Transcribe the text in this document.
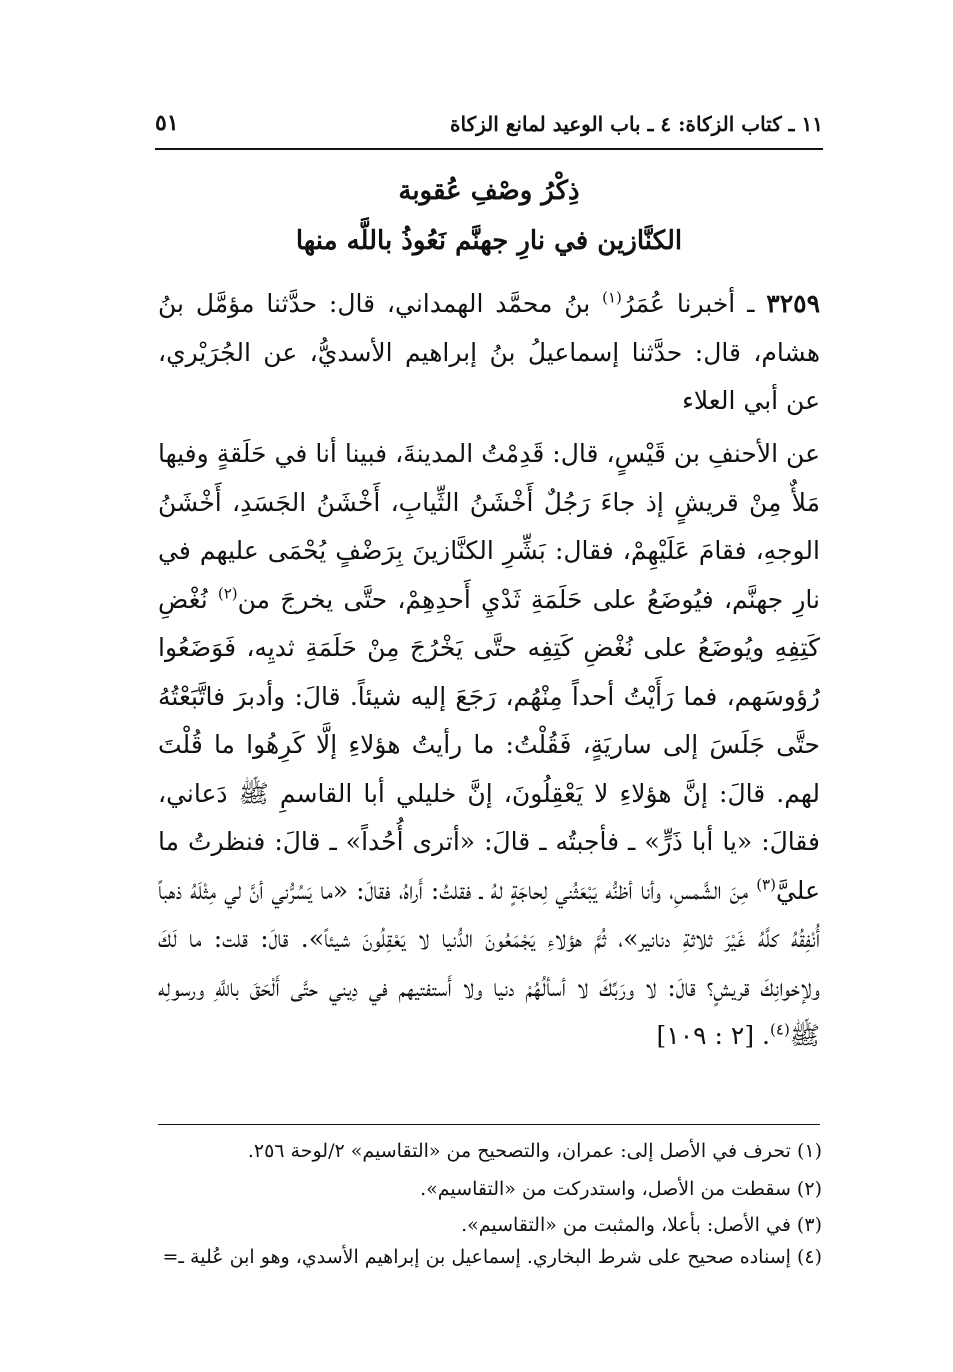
١١ ـ كتاب الزكاة: ٤ ـ باب الوعيد لمانع الزكاة
٥١
ذِكْرُ وصْفِ عُقوبة
الكنَّازين في نارِ جهنَّم نَعُوذُ باللَّه منها

٣٢٥٩ ـ أخبرنا عُمَرُ$^{(١)}$ بنُ محمَّد الهمداني، قال: حدَّثنا مؤمَّل بنُ هشام، قال: حدَّثنا إسماعيلُ بنُ إبراهيم الأسديُّ، عن الجُرَيْري، عن أبي العلاء

عن الأحنفِ بن قَيْسٍ، قال: قَدِمْتُ المدينةَ، فبينا أنا في حَلَقةٍ وفيها مَلأٌ مِنْ قريشٍ إذ جاءَ رَجُلٌ أَخْشَنُ الثِّيابِ، أَخْشَنُ الجَسَدِ، أَخْشَنُ الوجهِ، فقامَ عَلَيْهِمْ، فقال: بَشِّرِ الكنَّازينَ بِرَضْفٍ يُحْمَى عليهم في نارِ جهنَّم، فيُوضَعُ على حَلَمَةِ ثَدْيِ أَحدِهِمْ، حتَّى يخرجَ من$^{(٢)}$ نُغْضِ كَتِفِهِ ويُوضَعُ على نُغْضِ كَتِفِه حتَّى يَخْرُجَ مِنْ حَلَمَةِ ثديِه، فَوَضَعُوا رُؤوسَهم، فما رَأَيْتُ أحداً مِنْهُم، رَجَعَ إليه شيئاً. قالَ: وأدبرَ فاتَّبَعْتُهُ حتَّى جَلَسَ إلى ساريَةٍ، فَقُلْتُ: ما رأيتُ هؤلاءِ إلَّا كَرِهُوا ما قُلْتَ لهم. قالَ: إنَّ هؤلاءِ لا يَعْقِلُونَ، إنَّ خليلي أبا القاسمِ ﷺ دَعاني، فقالَ: «يا أبا ذَرٍّ» ـ فأجبتُه ـ قالَ: «أترى أُحُداً» ـ قالَ: فنظرتُ ما عليَّ$^{(٣)}$ مِنَ الشَّمسِ، وأنا أظنُّه يَبْعَثُني لِحاجَةٍ لهُ ـ فقلتُ: أَراهُ، فقالَ: «ما يَسُرُّني أنَّ لي مِثْلَهُ ذهباً أُنْفِقُهُ كلَّهُ غَيْرَ ثلاثةِ دنانير»، ثُمَّ هؤلاءِ يَجْمَعُونَ الدُّنيا لا يَعْقِلُونَ شيئاً». قالَ: قلت: ما لَكَ ولإخوانِكَ قريشٍ؟ قالَ: لا ورَبِّكَ لا أسألُهُمْ دنيا ولا أَستفتيهم في دِيني حتَّى أَلْحَقَ باللَّهِ ورسولِه ﷺ$^{(٤)}$. [٢ : ١٠٩]

(١) تحرف في الأصل إلى: عمران، والتصحيح من «التقاسيم» ٢/لوحة ٢٥٦.
(٢) سقطت من الأصل، واستدركت من «التقاسيم».
(٣) في الأصل: بأعلا، والمثبت من «التقاسيم».
(٤) إسناده صحيح على شرط البخاري. إسماعيل بن إبراهيم الأسدي، وهو ابن عُلية ـ=
